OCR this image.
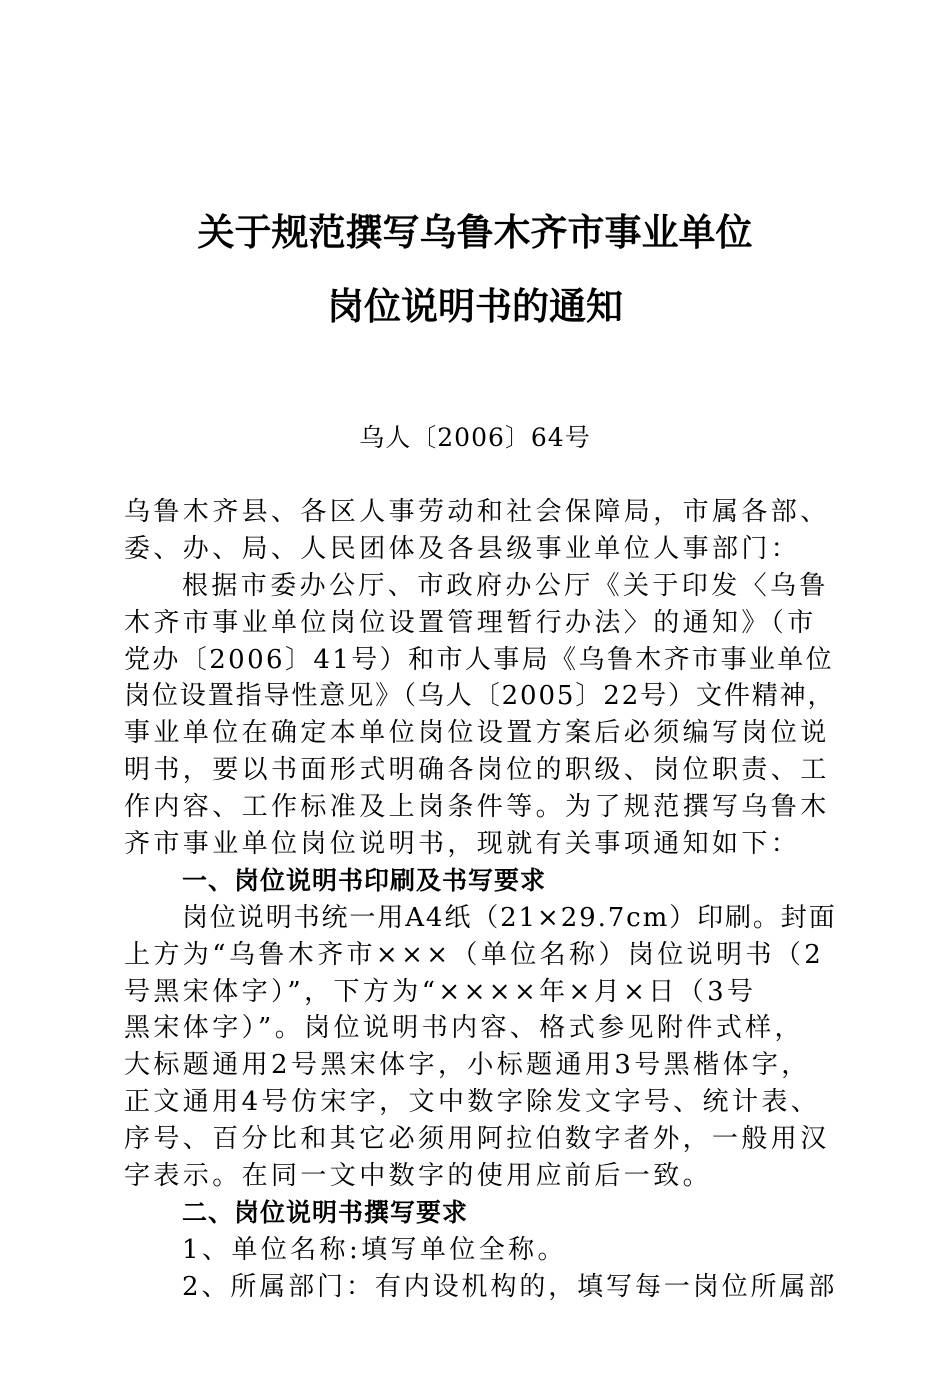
关于规范撰写乌鲁木齐市事业单位
岗位说明书的通知
乌人〔2006〕64号
乌鲁木齐县、各区人事劳动和社会保障局，市属各部、
委、办、局、人民团体及各县级事业单位人事部门：
根据市委办公厅、市政府办公厅《关于印发〈乌鲁
木齐市事业单位岗位设置管理暂行办法〉的通知》（市
党办〔2006〕41号）和市人事局《乌鲁木齐市事业单位
岗位设置指导性意见》（乌人〔2005〕22号）文件精神，
事业单位在确定本单位岗位设置方案后必须编写岗位说
明书，要以书面形式明确各岗位的职级、岗位职责、工
作内容、工作标准及上岗条件等。为了规范撰写乌鲁木
齐市事业单位岗位说明书，现就有关事项通知如下：
一、岗位说明书印刷及书写要求
岗位说明书统一用A4纸（21×29.7cm）印刷。封面
上方为“乌鲁木齐市×××（单位名称）岗位说明书（2
号黑宋体字）”，下方为“××××年×月×日（3号
黑宋体字）”。岗位说明书内容、格式参见附件式样，
大标题通用2号黑宋体字，小标题通用3号黑楷体字，
正文通用4号仿宋字，文中数字除发文字号、统计表、
序号、百分比和其它必须用阿拉伯数字者外，一般用汉
字表示。在同一文中数字的使用应前后一致。
二、岗位说明书撰写要求
1、单位名称:填写单位全称。
2、所属部门：有内设机构的，填写每一岗位所属部
